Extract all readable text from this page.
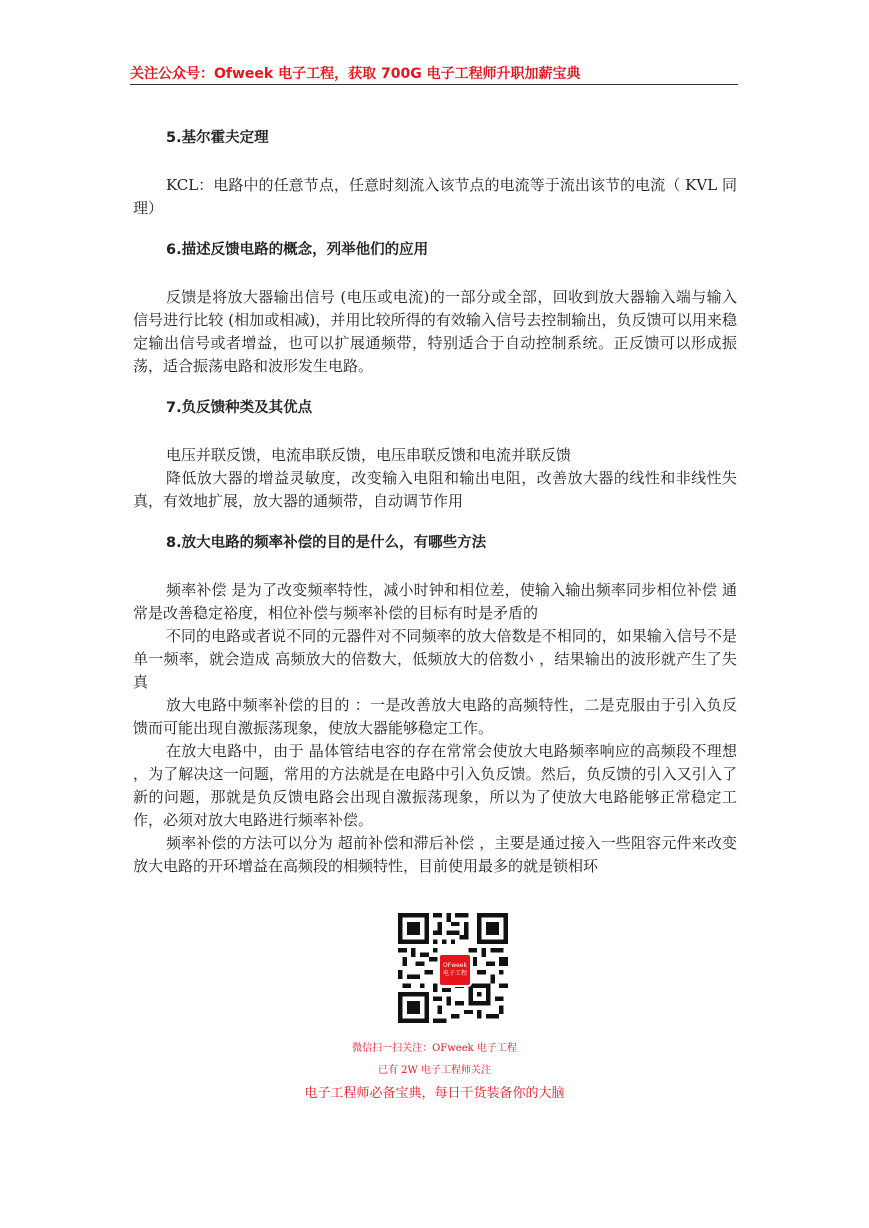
关注公众号：Ofweek 电子工程，获取 700G 电子工程师升职加薪宝典
5.基尔霍夫定理

KCL：电路中的任意节点，任意时刻流入该节点的电流等于流出该节的电流（ KVL 同理）

6.描述反馈电路的概念，列举他们的应用

反馈是将放大器输出信号 (电压或电流)的一部分或全部，回收到放大器输入端与输入信号进行比较 (相加或相减)，并用比较所得的有效输入信号去控制输出，负反馈可以用来稳定输出信号或者增益，也可以扩展通频带，特别适合于自动控制系统。正反馈可以形成振荡，适合振荡电路和波形发生电路。

7.负反馈种类及其优点

电压并联反馈，电流串联反馈，电压串联反馈和电流并联反馈

降低放大器的增益灵敏度，改变输入电阻和输出电阻，改善放大器的线性和非线性失真，有效地扩展，放大器的通频带，自动调节作用

8.放大电路的频率补偿的目的是什么，有哪些方法

频率补偿 是为了改变频率特性，减小时钟和相位差，使输入输出频率同步相位补偿 通常是改善稳定裕度，相位补偿与频率补偿的目标有时是矛盾的

不同的电路或者说不同的元器件对不同频率的放大倍数是不相同的，如果输入信号不是单一频率，就会造成 高频放大的倍数大，低频放大的倍数小 ，结果输出的波形就产生了失真

放大电路中频率补偿的目的 ：一是改善放大电路的高频特性，二是克服由于引入负反馈而可能出现自激振荡现象，使放大器能够稳定工作。

在放大电路中，由于 晶体管结电容的存在常常会使放大电路频率响应的高频段不理想 ，为了解决这一问题，常用的方法就是在电路中引入负反馈。然后，负反馈的引入又引入了新的问题，那就是负反馈电路会出现自激振荡现象，所以为了使放大电路能够正常稳定工作，必须对放大电路进行频率补偿。

频率补偿的方法可以分为 超前补偿和滞后补偿 ，主要是通过接入一些阻容元件来改变放大电路的开环增益在高频段的相频特性，目前使用最多的就是锁相环

OFweek
电子工程
微信扫一扫关注：OFweek 电子工程
已有 2W 电子工程师关注
电子工程师必备宝典，每日干货装备你的大脑
